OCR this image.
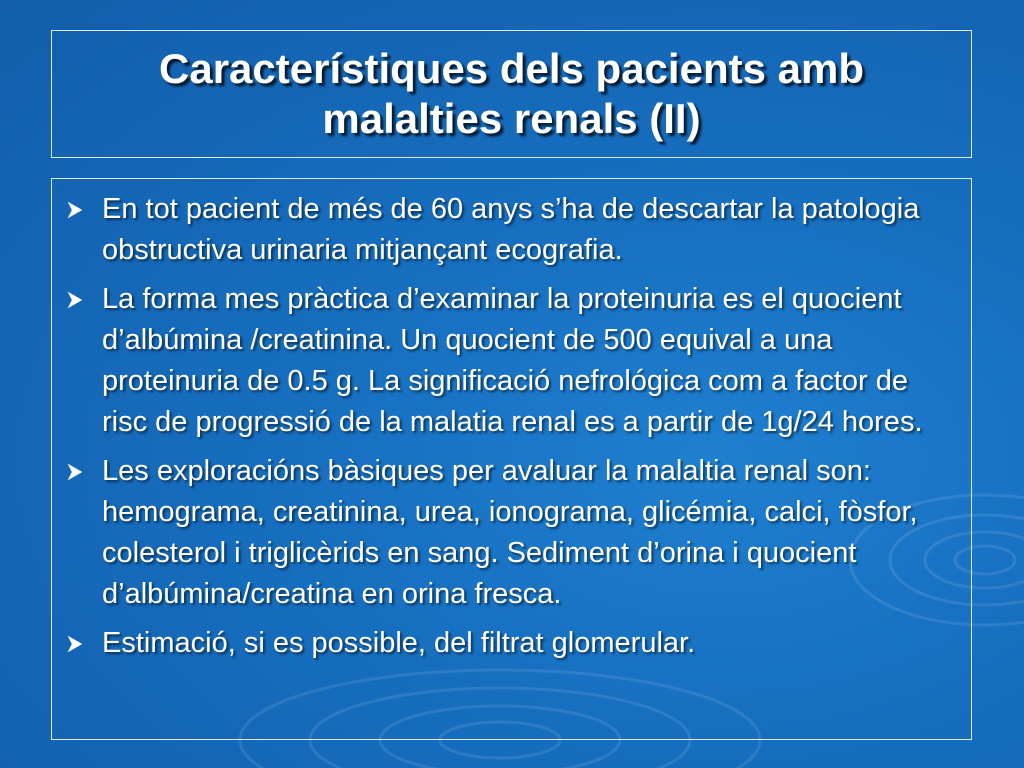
Característiques dels pacients amb malalties renals (II)
En tot pacient de més de 60 anys s’ha de descartar la patologia obstructiva urinaria mitjançant ecografia.
La forma mes pràctica d’examinar la proteinuria es el quocient d’albúmina /creatinina. Un quocient de 500 equival a una proteinuria de 0.5 g. La significació nefrológica com a factor de risc de progressió de la malatia renal es a partir de 1g/24 hores.
Les exploracións bàsiques per avaluar la malaltia renal son: hemograma, creatinina, urea, ionograma, glicémia, calci, fòsfor, colesterol i triglicèrids en sang. Sediment d’orina i quocient d’albúmina/creatina en orina fresca.
Estimació, si es possible, del filtrat glomerular.
